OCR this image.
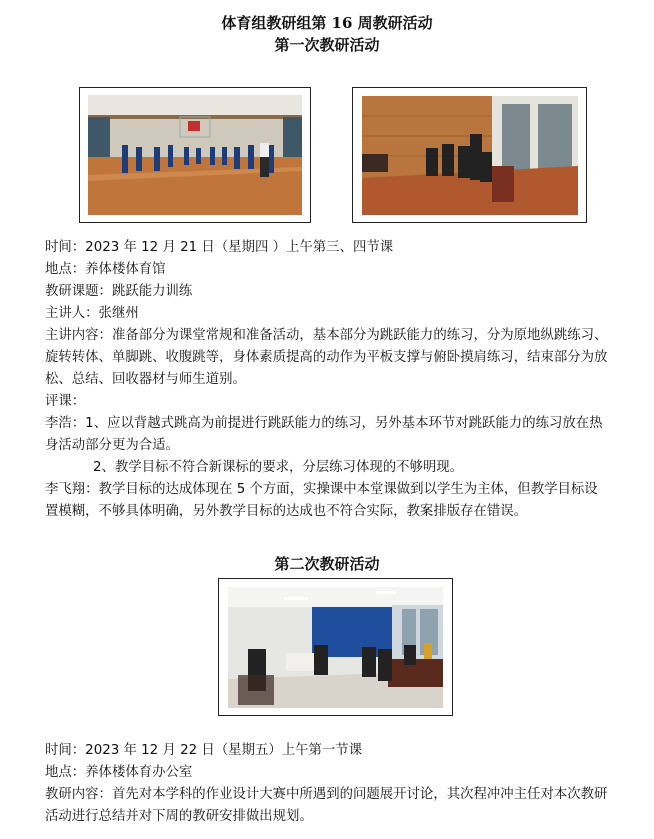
体育组教研组第 16 周教研活动
第一次教研活动

时间：2023 年 12 月 21 日（星期四 ）上午第三、四节课

地点：养体楼体育馆

教研课题：跳跃能力训练

主讲人：张继州

主讲内容：准备部分为课堂常规和准备活动，基本部分为跳跃能力的练习，分为原地纵跳练习、旋转转体、单脚跳、收腹跳等，身体素质提高的动作为平板支撑与俯卧摸肩练习，结束部分为放松、总结、回收器材与师生道别。

评课：

李浩：1、应以背越式跳高为前提进行跳跃能力的练习，另外基本环节对跳跃能力的练习放在热身活动部分更为合适。

2、教学目标不符合新课标的要求，分层练习体现的不够明现。

李飞翔：教学目标的达成体现在 5 个方面，实操课中本堂课做到以学生为主体，但教学目标设置模糊，不够具体明确，另外教学目标的达成也不符合实际，教案排版存在错误。

第二次教研活动

时间：2023 年 12 月 22 日（星期五）上午第一节课

地点：养体楼体育办公室

教研内容：首先对本学科的作业设计大赛中所遇到的问题展开讨论，其次程冲冲主任对本次教研活动进行总结并对下周的教研安排做出规划。
